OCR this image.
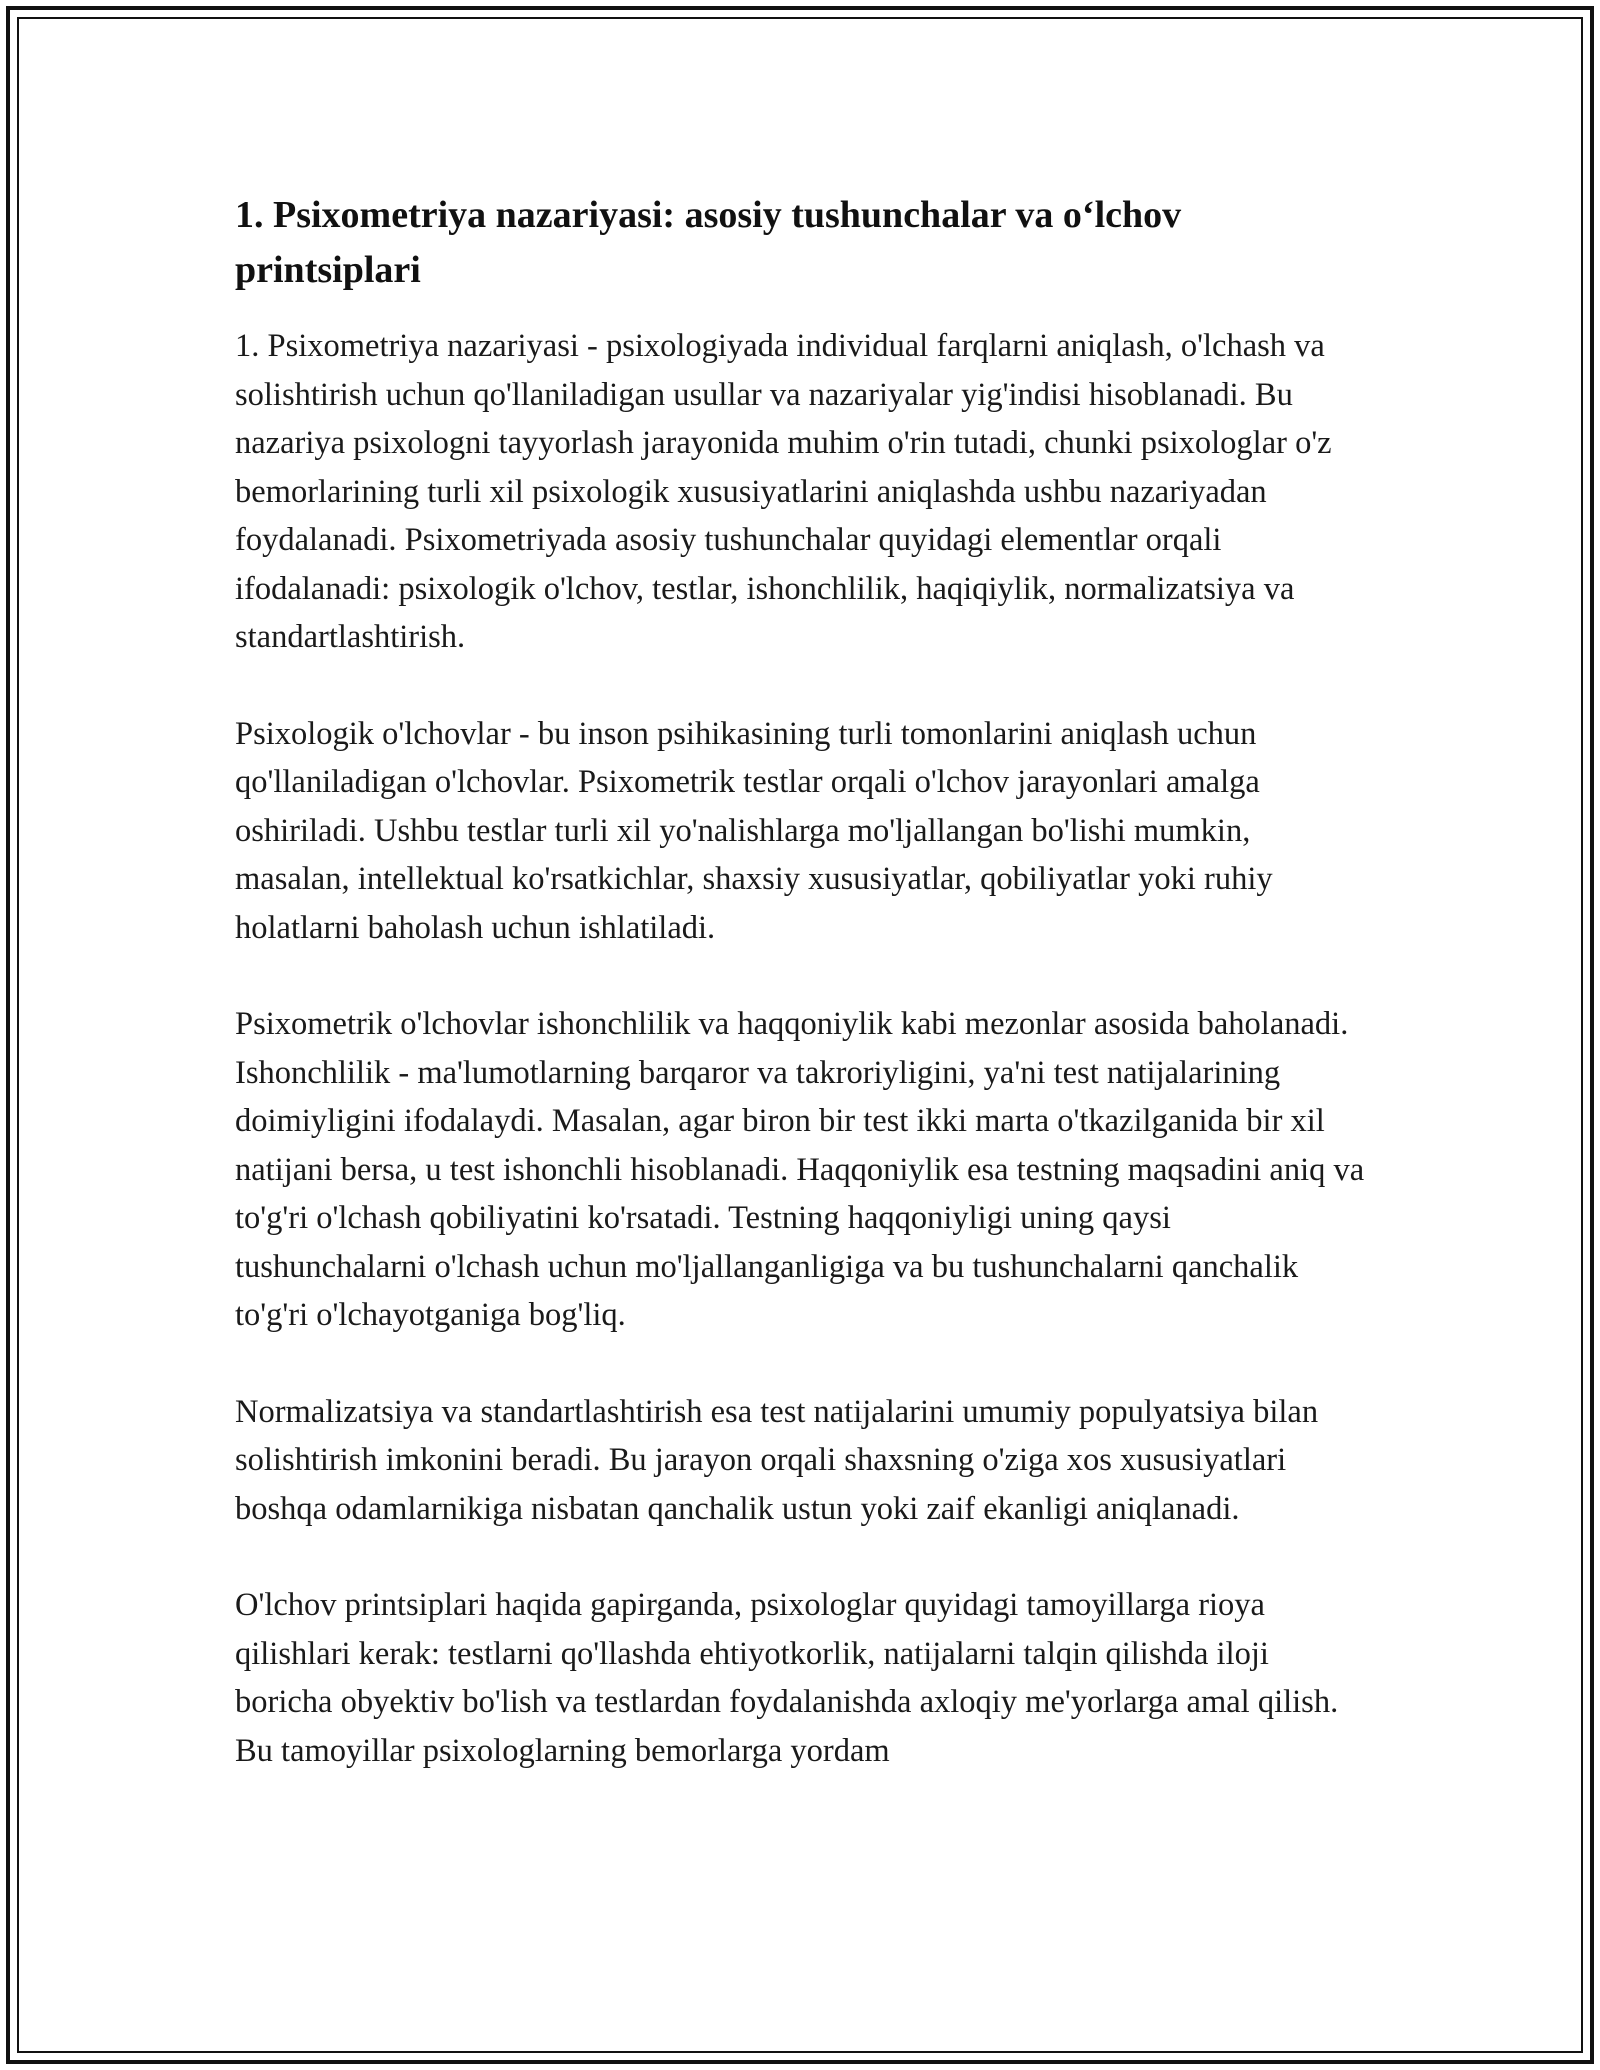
1. Psixometriya nazariyasi: asosiy tushunchalar va o‘lchov printsiplari

1. Psixometriya nazariyasi - psixologiyada individual farqlarni aniqlash, o'lchash va solishtirish uchun qo'llaniladigan usullar va nazariyalar yig'indisi hisoblanadi. Bu nazariya psixologni tayyorlash jarayonida muhim o'rin tutadi, chunki psixologlar o'z bemorlarining turli xil psixologik xususiyatlarini aniqlashda ushbu nazariyadan foydalanadi. Psixometriyada asosiy tushunchalar quyidagi elementlar orqali ifodalanadi: psixologik o'lchov, testlar, ishonchlilik, haqiqiylik, normalizatsiya va standartlashtirish.

Psixologik o'lchovlar - bu inson psihikasining turli tomonlarini aniqlash uchun qo'llaniladigan o'lchovlar. Psixometrik testlar orqali o'lchov jarayonlari amalga oshiriladi. Ushbu testlar turli xil yo'nalishlarga mo'ljallangan bo'lishi mumkin, masalan, intellektual ko'rsatkichlar, shaxsiy xususiyatlar, qobiliyatlar yoki ruhiy holatlarni baholash uchun ishlatiladi.

Psixometrik o'lchovlar ishonchlilik va haqqoniylik kabi mezonlar asosida baholanadi. Ishonchlilik - ma'lumotlarning barqaror va takroriyligini, ya'ni test natijalarining doimiyligini ifodalaydi. Masalan, agar biron bir test ikki marta o'tkazilganida bir xil natijani bersa, u test ishonchli hisoblanadi. Haqqoniylik esa testning maqsadini aniq va to'g'ri o'lchash qobiliyatini ko'rsatadi. Testning haqqoniyligi uning qaysi tushunchalarni o'lchash uchun mo'ljallanganligiga va bu tushunchalarni qanchalik to'g'ri o'lchayotganiga bog'liq.

Normalizatsiya va standartlashtirish esa test natijalarini umumiy populyatsiya bilan solishtirish imkonini beradi. Bu jarayon orqali shaxsning o'ziga xos xususiyatlari boshqa odamlarnikiga nisbatan qanchalik ustun yoki zaif ekanligi aniqlanadi.

O'lchov printsiplari haqida gapirganda, psixologlar quyidagi tamoyillarga rioya qilishlari kerak: testlarni qo'llashda ehtiyotkorlik, natijalarni talqin qilishda iloji boricha obyektiv bo'lish va testlardan foydalanishda axloqiy me'yorlarga amal qilish. Bu tamoyillar psixologlarning bemorlarga yordam
